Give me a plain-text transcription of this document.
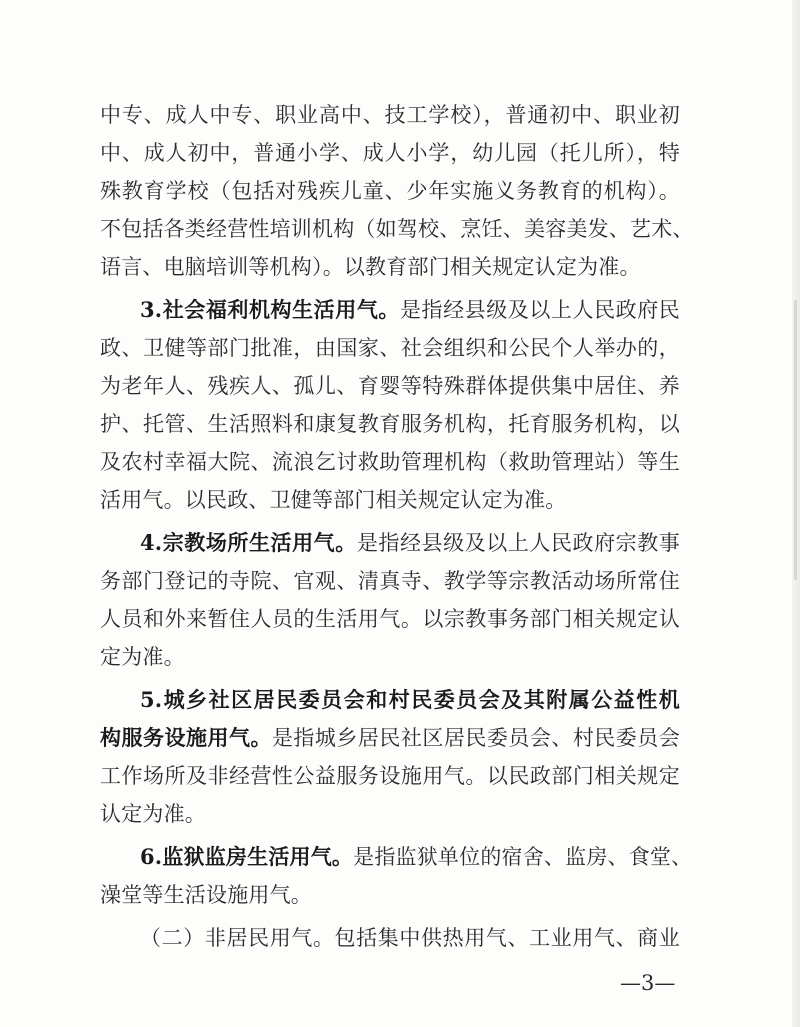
中专、成人中专、职业高中、技工学校），普通初中、职业初
中、成人初中，普通小学、成人小学，幼儿园（托儿所），特
殊教育学校（包括对残疾儿童、少年实施义务教育的机构）。
不包括各类经营性培训机构（如驾校、烹饪、美容美发、艺术、
语言、电脑培训等机构）。以教育部门相关规定认定为准。
3.社会福利机构生活用气。是指经县级及以上人民政府民
政、卫健等部门批准，由国家、社会组织和公民个人举办的，
为老年人、残疾人、孤儿、育婴等特殊群体提供集中居住、养
护、托管、生活照料和康复教育服务机构，托育服务机构，以
及农村幸福大院、流浪乞讨救助管理机构（救助管理站）等生
活用气。以民政、卫健等部门相关规定认定为准。
4.宗教场所生活用气。是指经县级及以上人民政府宗教事
务部门登记的寺院、官观、清真寺、教学等宗教活动场所常住
人员和外来暂住人员的生活用气。以宗教事务部门相关规定认
定为准。
5.城乡社区居民委员会和村民委员会及其附属公益性机
构服务设施用气。是指城乡居民社区居民委员会、村民委员会
工作场所及非经营性公益服务设施用气。以民政部门相关规定
认定为准。
6.监狱监房生活用气。是指监狱单位的宿舍、监房、食堂、
澡堂等生活设施用气。
（二）非居民用气。包括集中供热用气、工业用气、商业
—3—
